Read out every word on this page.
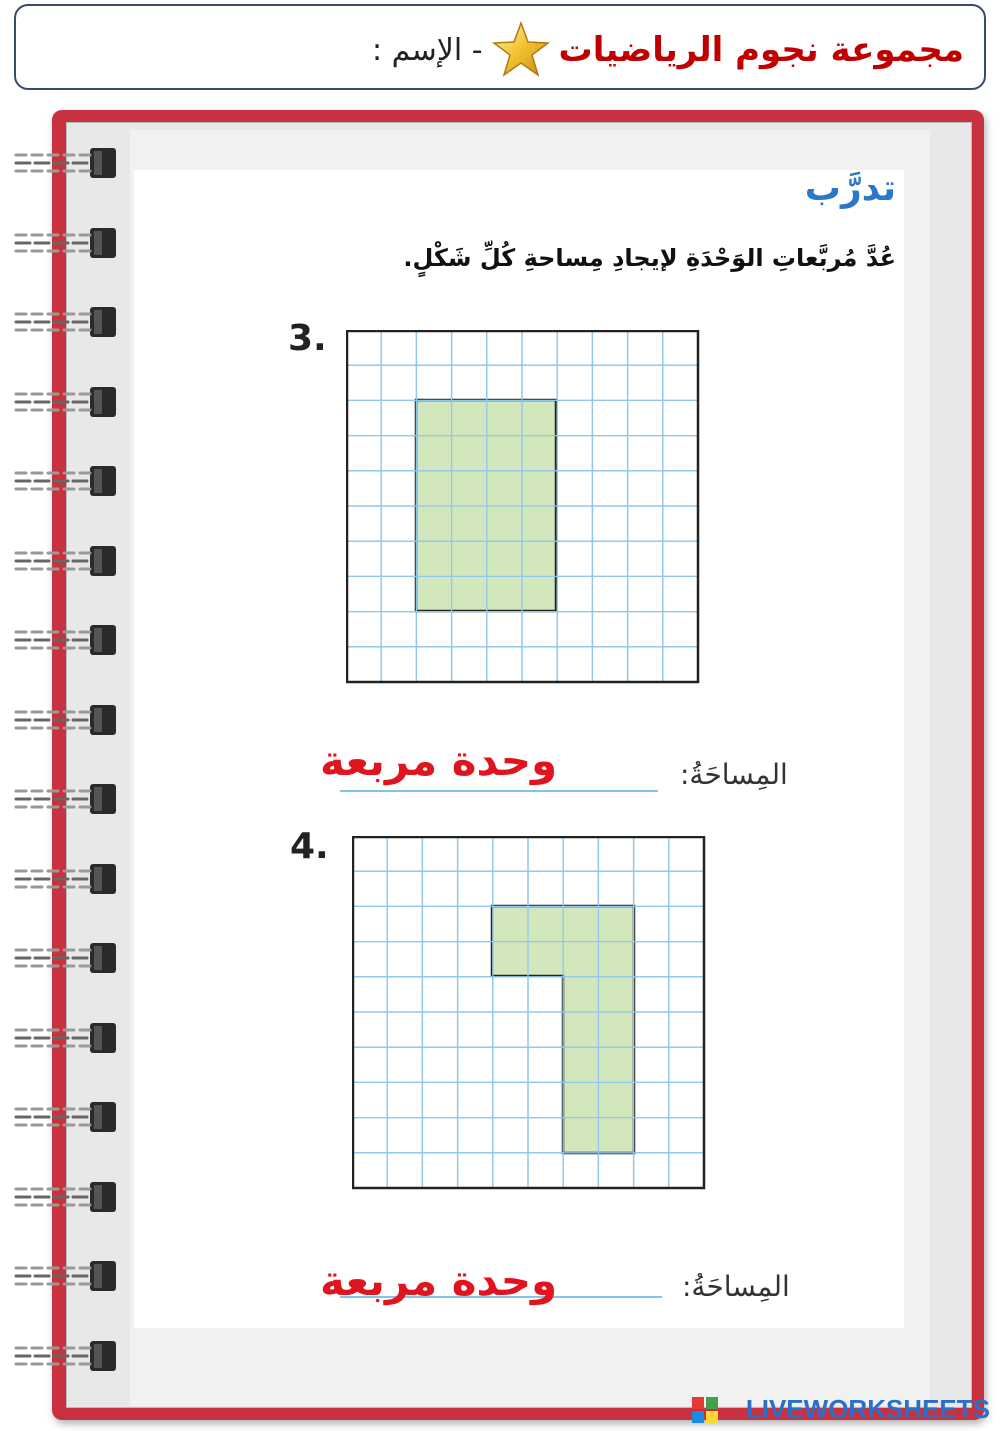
مجموعة نجوم الرياضيات
- الإسم :
تدرَّب
عُدَّ مُربَّعاتِ الوَحْدَةِ لإيجادِ مِساحةِ كُلِّ شَكْلٍ.
3.
المِساحَةُ:
وحدة مربعة
4.
المِساحَةُ:
وحدة مربعة
LIVEWORKSHEETS
